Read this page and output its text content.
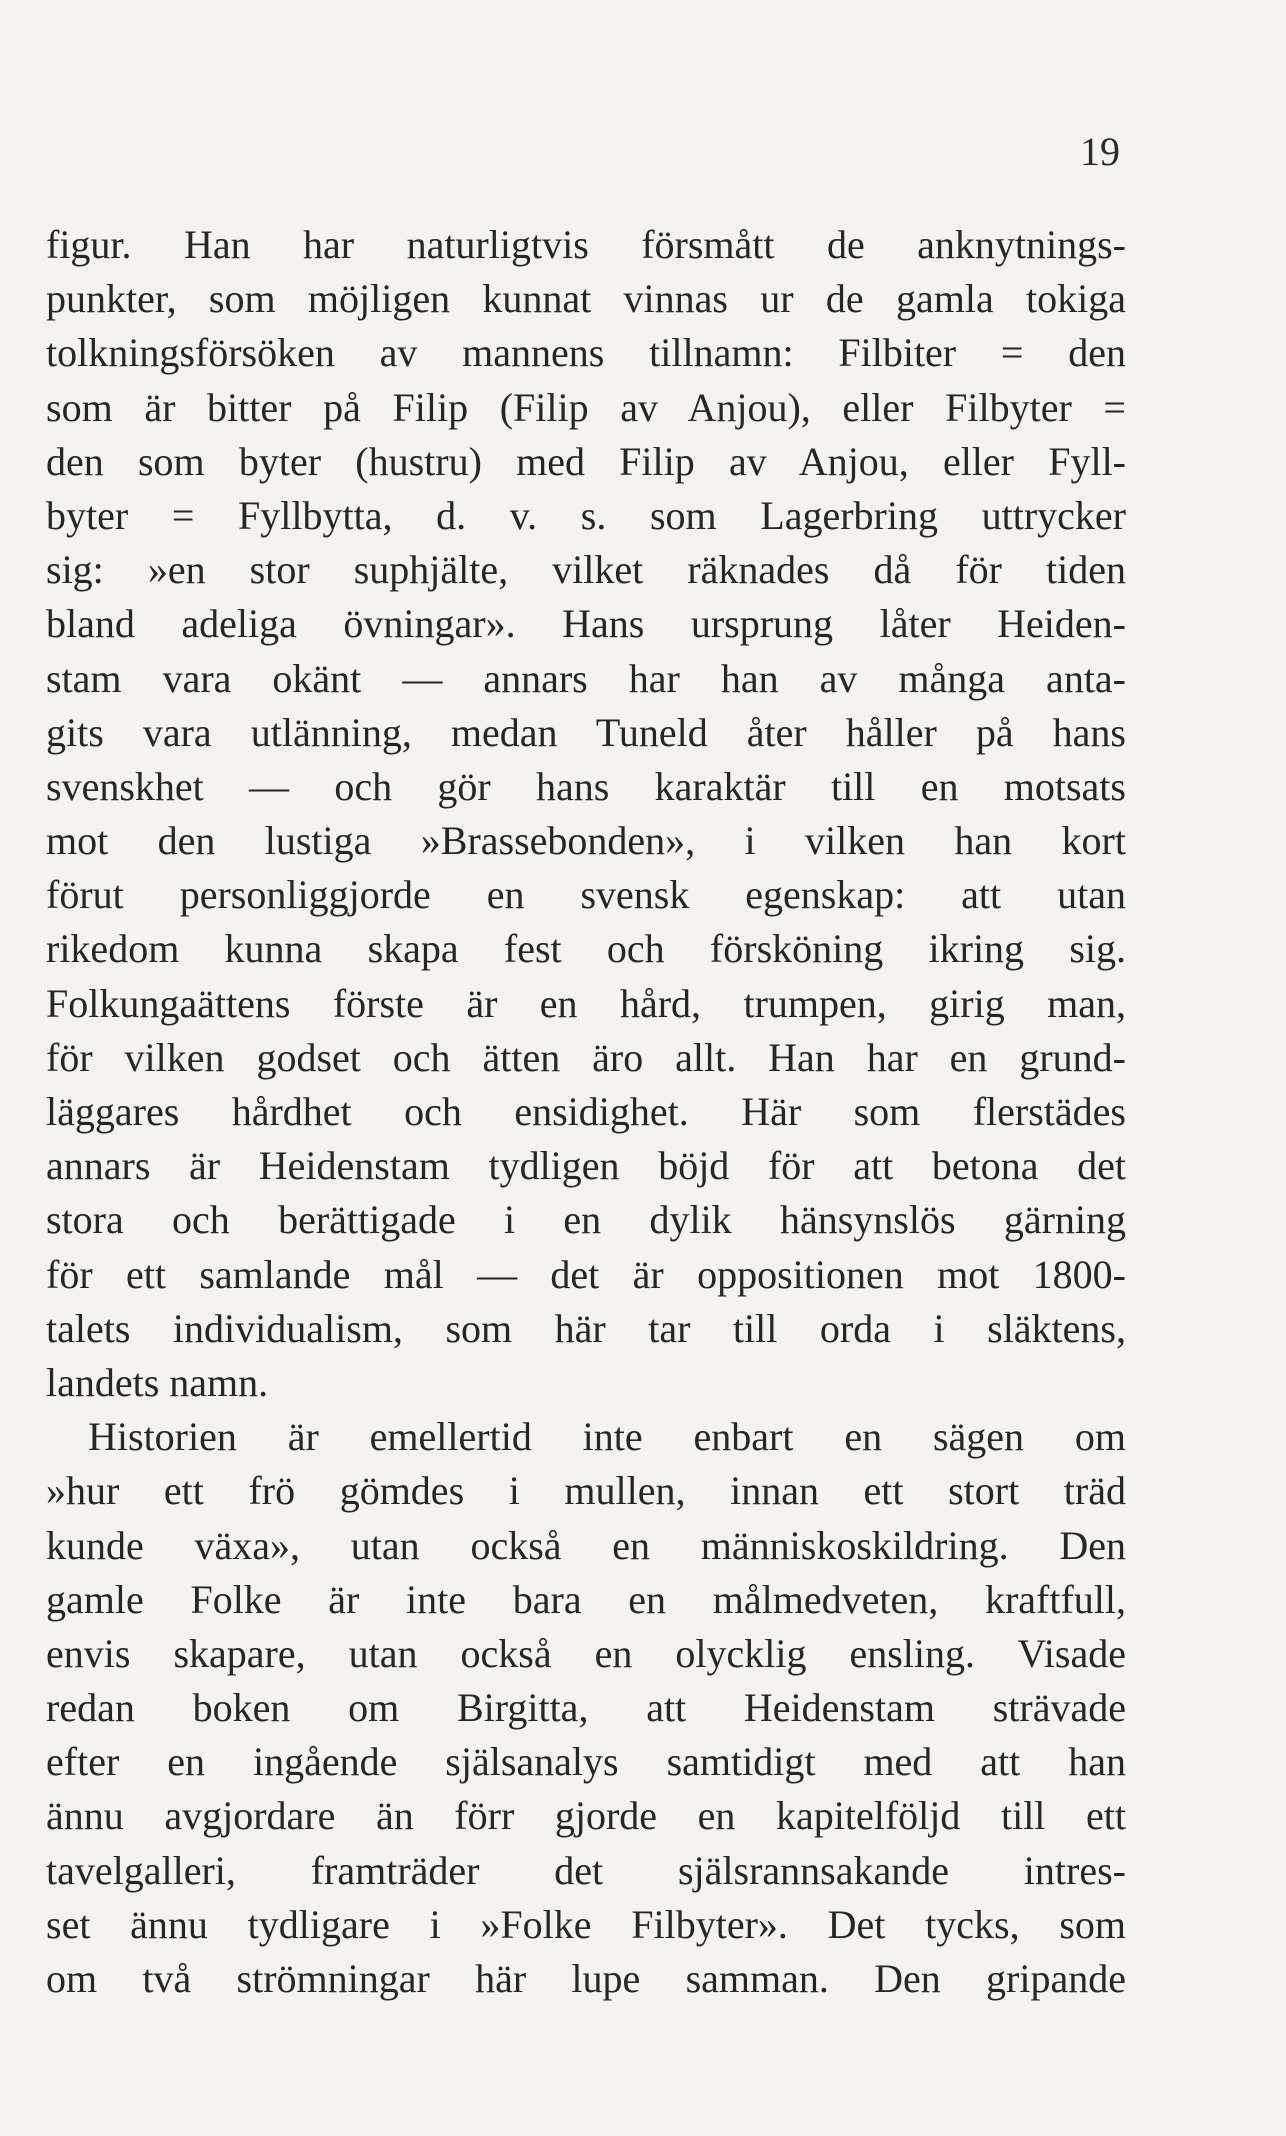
19
figur. Han har naturligtvis försmått de anknytnings-
punkter, som möjligen kunnat vinnas ur de gamla tokiga
tolkningsförsöken av mannens tillnamn: Filbiter = den
som är bitter på Filip (Filip av Anjou), eller Filbyter =
den som byter (hustru) med Filip av Anjou, eller Fyll-
byter = Fyllbytta, d. v. s. som Lagerbring uttrycker
sig: »en stor suphjälte, vilket räknades då för tiden
bland adeliga övningar». Hans ursprung låter Heiden-
stam vara okänt — annars har han av många anta-
gits vara utlänning, medan Tuneld åter håller på hans
svenskhet — och gör hans karaktär till en motsats
mot den lustiga »Brassebonden», i vilken han kort
förut personliggjorde en svensk egenskap: att utan
rikedom kunna skapa fest och försköning ikring sig.
Folkungaättens förste är en hård, trumpen, girig man,
för vilken godset och ätten äro allt. Han har en grund-
läggares hårdhet och ensidighet. Här som flerstädes
annars är Heidenstam tydligen böjd för att betona det
stora och berättigade i en dylik hänsynslös gärning
för ett samlande mål — det är oppositionen mot 1800-
talets individualism, som här tar till orda i släktens,
landets namn.
Historien är emellertid inte enbart en sägen om
»hur ett frö gömdes i mullen, innan ett stort träd
kunde växa», utan också en människoskildring. Den
gamle Folke är inte bara en målmedveten, kraftfull,
envis skapare, utan också en olycklig ensling. Visade
redan boken om Birgitta, att Heidenstam strävade
efter en ingående själsanalys samtidigt med att han
ännu avgjordare än förr gjorde en kapitelföljd till ett
tavelgalleri, framträder det själsrannsakande intres-
set ännu tydligare i »Folke Filbyter». Det tycks, som
om två strömningar här lupe samman. Den gripande
